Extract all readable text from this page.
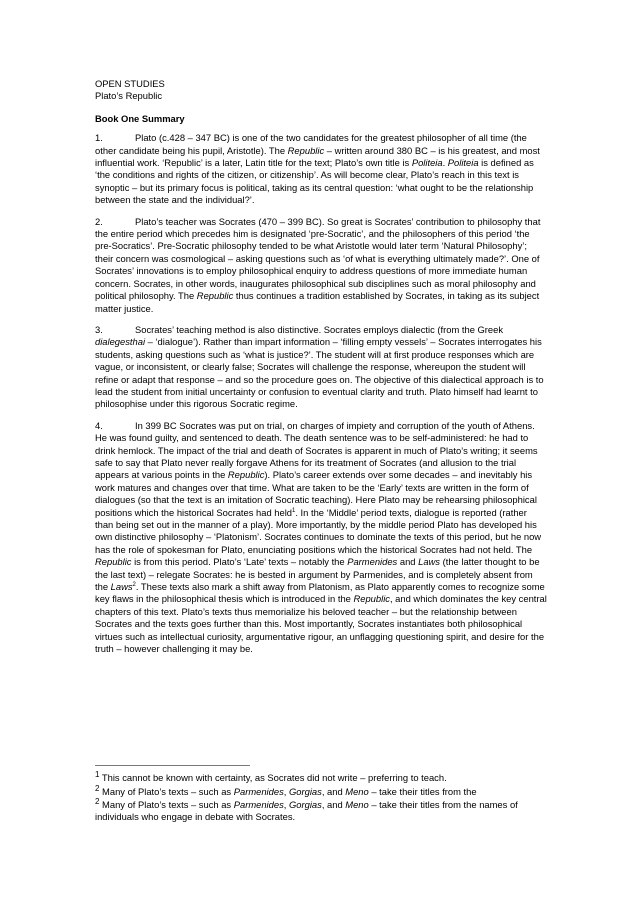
OPEN STUDIES
Plato’s Republic
Book One Summary

1.	Plato (c.428 – 347 BC) is one of the two candidates for the greatest philosopher of all time (the other candidate being his pupil, Aristotle). The Republic – written around 380 BC – is his greatest, and most influential work. ‘Republic’ is a later, Latin title for the text; Plato’s own title is Politeia. Politeia is defined as ‘the conditions and rights of the citizen, or citizenship’. As will become clear, Plato’s reach in this text is synoptic – but its primary focus is political, taking as its central question: ‘what ought to be the relationship between the state and the individual?’.

2.	Plato’s teacher was Socrates (470 – 399 BC). So great is Socrates’ contribution to philosophy that the entire period which precedes him is designated ‘pre-Socratic’, and the philosophers of this period ‘the pre-Socratics’. Pre-Socratic philosophy tended to be what Aristotle would later term ‘Natural Philosophy’; their concern was cosmological – asking questions such as ‘of what is everything ultimately made?’. One of Socrates’ innovations is to employ philosophical enquiry to address questions of more immediate human concern. Socrates, in other words, inaugurates philosophical sub disciplines such as moral philosophy and political philosophy. The Republic thus continues a tradition established by Socrates, in taking as its subject matter justice.

3.	Socrates’ teaching method is also distinctive. Socrates employs dialectic (from the Greek dialegesthai – ‘dialogue’). Rather than impart information – ‘filling empty vessels’ – Socrates interrogates his students, asking questions such as ‘what is justice?’. The student will at first produce responses which are vague, or inconsistent, or clearly false; Socrates will challenge the response, whereupon the student will refine or adapt that response – and so the procedure goes on. The objective of this dialectical approach is to lead the student from initial uncertainty or confusion to eventual clarity and truth. Plato himself had learnt to philosophise under this rigorous Socratic regime.

4.	In 399 BC Socrates was put on trial, on charges of impiety and corruption of the youth of Athens. He was found guilty, and sentenced to death. The death sentence was to be self-administered: he had to drink hemlock. The impact of the trial and death of Socrates is apparent in much of Plato’s writing; it seems safe to say that Plato never really forgave Athens for its treatment of Socrates (and allusion to the trial appears at various points in the Republic). Plato’s career extends over some decades – and inevitably his work matures and changes over that time. What are taken to be the ‘Early’ texts are written in the form of dialogues (so that the text is an imitation of Socratic teaching). Here Plato may be rehearsing philosophical positions which the historical Socrates had held$^1$. In the ‘Middle’ period texts, dialogue is reported (rather than being set out in the manner of a play). More importantly, by the middle period Plato has developed his own distinctive philosophy – ‘Platonism’. Socrates continues to dominate the texts of this period, but he now has the role of spokesman for Plato, enunciating positions which the historical Socrates had not held. The Republic is from this period. Plato’s ‘Late’ texts – notably the Parmenides and Laws (the latter thought to be the last text) – relegate Socrates: he is bested in argument by Parmenides, and is completely absent from the Laws$^2$. These texts also mark a shift away from Platonism, as Plato apparently comes to recognize some key flaws in the philosophical thesis which is introduced in the Republic, and which dominates the key central chapters of this text. Plato’s texts thus memorialize his beloved teacher – but the relationship between Socrates and the texts goes further than this. Most importantly, Socrates instantiates both philosophical virtues such as intellectual curiosity, argumentative rigour, an unflagging questioning spirit, and desire for the truth – however challenging it may be.

$^1$ This cannot be known with certainty, as Socrates did not write – preferring to teach.
$^2$ Many of Plato’s texts – such as Parmenides, Gorgias, and Meno – take their titles from the
$^2$ Many of Plato’s texts – such as Parmenides, Gorgias, and Meno – take their titles from the names of individuals who engage in debate with Socrates.
